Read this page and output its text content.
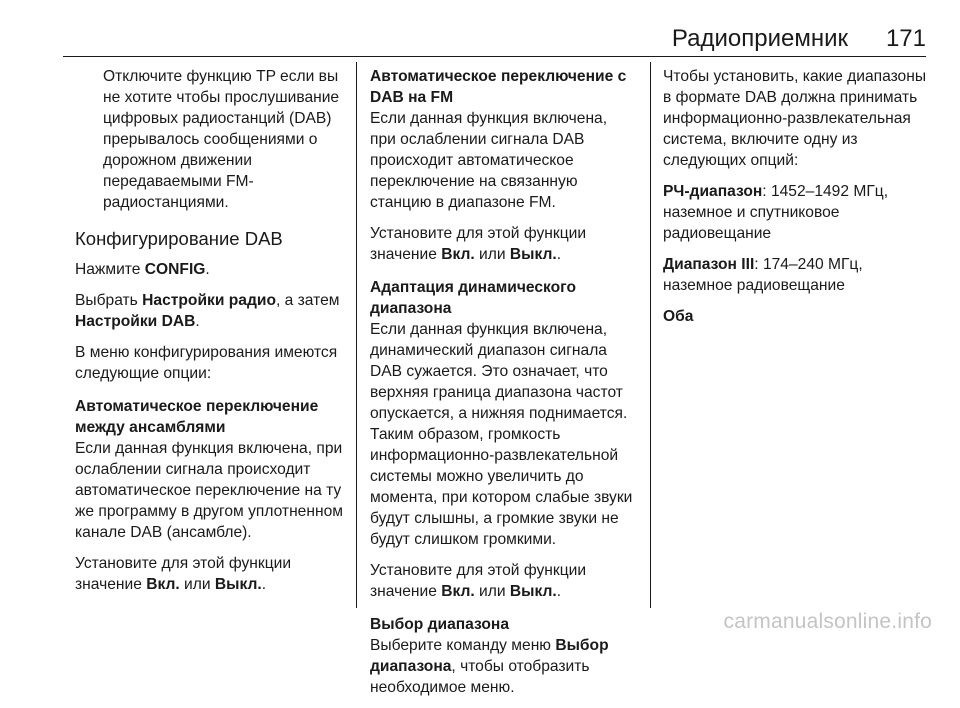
Радиоприемник 171

Отключите функцию TP если вы не хотите чтобы прослушивание цифровых радиостанций (DAB) прерывалось сообщениями о дорожном движении передаваемыми FM-радиостанциями.

Конфигурирование DAB

Нажмите CONFIG.

Выбрать Настройки радио, а затем Настройки DAB.

В меню конфигурирования имеются следующие опции:

Автоматическое переключение между ансамблями

Если данная функция включена, при ослаблении сигнала происходит автоматическое переключение на ту же программу в другом уплотненном канале DAB (ансамбле).

Установите для этой функции значение Вкл. или Выкл..

Автоматическое переключение с DAB на FM

Если данная функция включена, при ослаблении сигнала DAB происходит автоматическое переключение на связанную станцию в диапазоне FM.

Установите для этой функции значение Вкл. или Выкл..

Адаптация динамического диапазона

Если данная функция включена, динамический диапазон сигнала DAB сужается. Это означает, что верхняя граница диапазона частот опускается, а нижняя поднимается. Таким образом, громкость информационно-развлекательной системы можно увеличить до момента, при котором слабые звуки будут слышны, а громкие звуки не будут слишком громкими.

Установите для этой функции значение Вкл. или Выкл..

Выбор диапазона

Выберите команду меню Выбор диапазона, чтобы отобразить необходимое меню.

Чтобы установить, какие диапазоны в формате DAB должна принимать информационно-развлекательная система, включите одну из следующих опций:

РЧ-диапазон: 1452–1492 МГц, наземное и спутниковое радиовещание

Диапазон III: 174–240 МГц, наземное радиовещание

Оба

carmanualsonline.info
